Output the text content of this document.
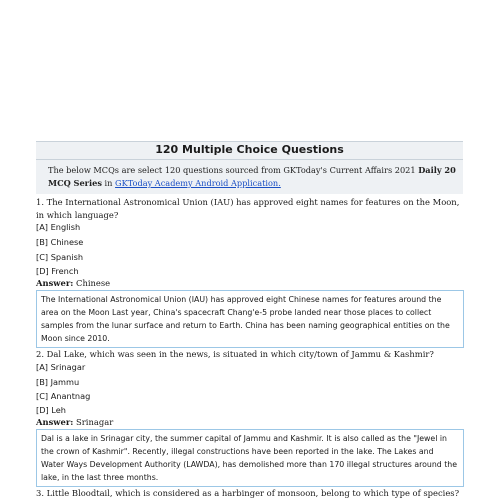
120 Multiple Choice Questions
The below MCQs are select 120 questions sourced from GKToday's Current Affairs 2021 Daily 20 MCQ Series in GKToday Academy Android Application.
1. The International Astronomical Union (IAU) has approved eight names for features on the Moon, in which language?
[A] English
[B] Chinese
[C] Spanish
[D] French
Answer: Chinese
The International Astronomical Union (IAU) has approved eight Chinese names for features around the area on the Moon Last year, China's spacecraft Chang'e-5 probe landed near those places to collect samples from the lunar surface and return to Earth. China has been naming geographical entities on the Moon since 2010.
2. Dal Lake, which was seen in the news, is situated in which city/town of Jammu & Kashmir?
[A] Srinagar
[B] Jammu
[C] Anantnag
[D] Leh
Answer: Srinagar
Dal is a lake in Srinagar city, the summer capital of Jammu and Kashmir. It is also called as the "Jewel in the crown of Kashmir". Recently, illegal constructions have been reported in the lake. The Lakes and Water Ways Development Authority (LAWDA), has demolished more than 170 illegal structures around the lake, in the last three months.
3. Little Bloodtail, which is considered as a harbinger of monsoon, belong to which type of species?
